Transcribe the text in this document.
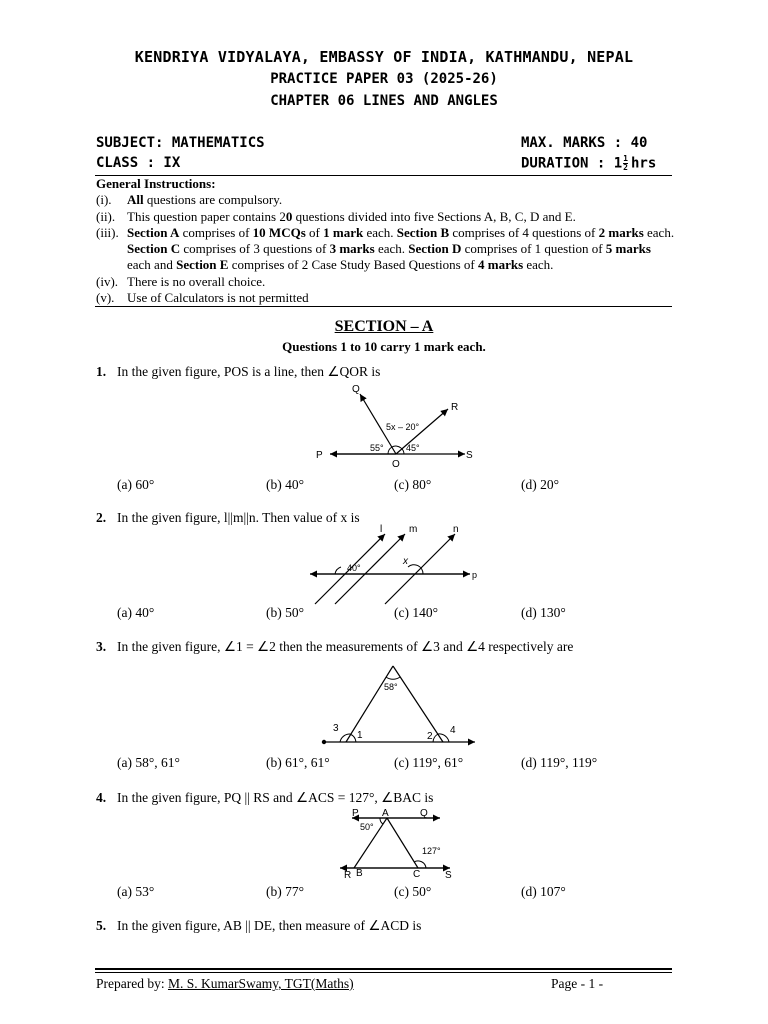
KENDRIYA VIDYALAYA, EMBASSY OF INDIA, KATHMANDU, NEPAL
PRACTICE PAPER 03 (2025-26)
CHAPTER 06 LINES AND ANGLES
SUBJECT: MATHEMATICS	MAX. MARKS : 40
CLASS : IX	DURATION : $1 \frac{1}{2}$ hrs
General Instructions:
(i).	All questions are compulsory.
(ii). This question paper contains 20 questions divided into five Sections A, B, C, D and E.
(iii). Section A comprises of 10 MCQs of 1 mark each. Section B comprises of 4 questions of 2 marks each. Section C comprises of 3 questions of 3 marks each. Section D comprises of 1 question of 5 marks each and Section E comprises of 2 Case Study Based Questions of 4 marks each.
(iv). There is no overall choice.
(v). Use of Calculators is not permitted
SECTION – A
Questions 1 to 10 carry 1 mark each.
1. In the given figure, POS is a line, then ∠QOR is
P
O
S
Q
R
5x – 20°
55° 45°
(a) 60°	(b) 40°	(c) 80°	(d) 20°
2. In the given figure, l||m||n. Then value of x is
l	m	n
p
40°
x
(a) 40°	(b) 50°	(c) 140°	(d) 130°
3. In the given figure, ∠1 = ∠2 then the measurements of ∠3 and ∠4 respectively are
58°
1	2
3	4
(a) 58°, 61°	(b) 61°, 61°	(c) 119°, 61°	(d) 119°, 119°
4. In the given figure, PQ || RS and ∠ACS = 127°, ∠BAC is
P A	Q
R B	C S
50°
127°
(a) 53°	(b) 77°	(c) 50°	(d) 107°
5. In the given figure, AB || DE, then measure of ∠ACD is
Prepared by: M. S. KumarSwamy, TGT(Maths)	Page - 1 -
